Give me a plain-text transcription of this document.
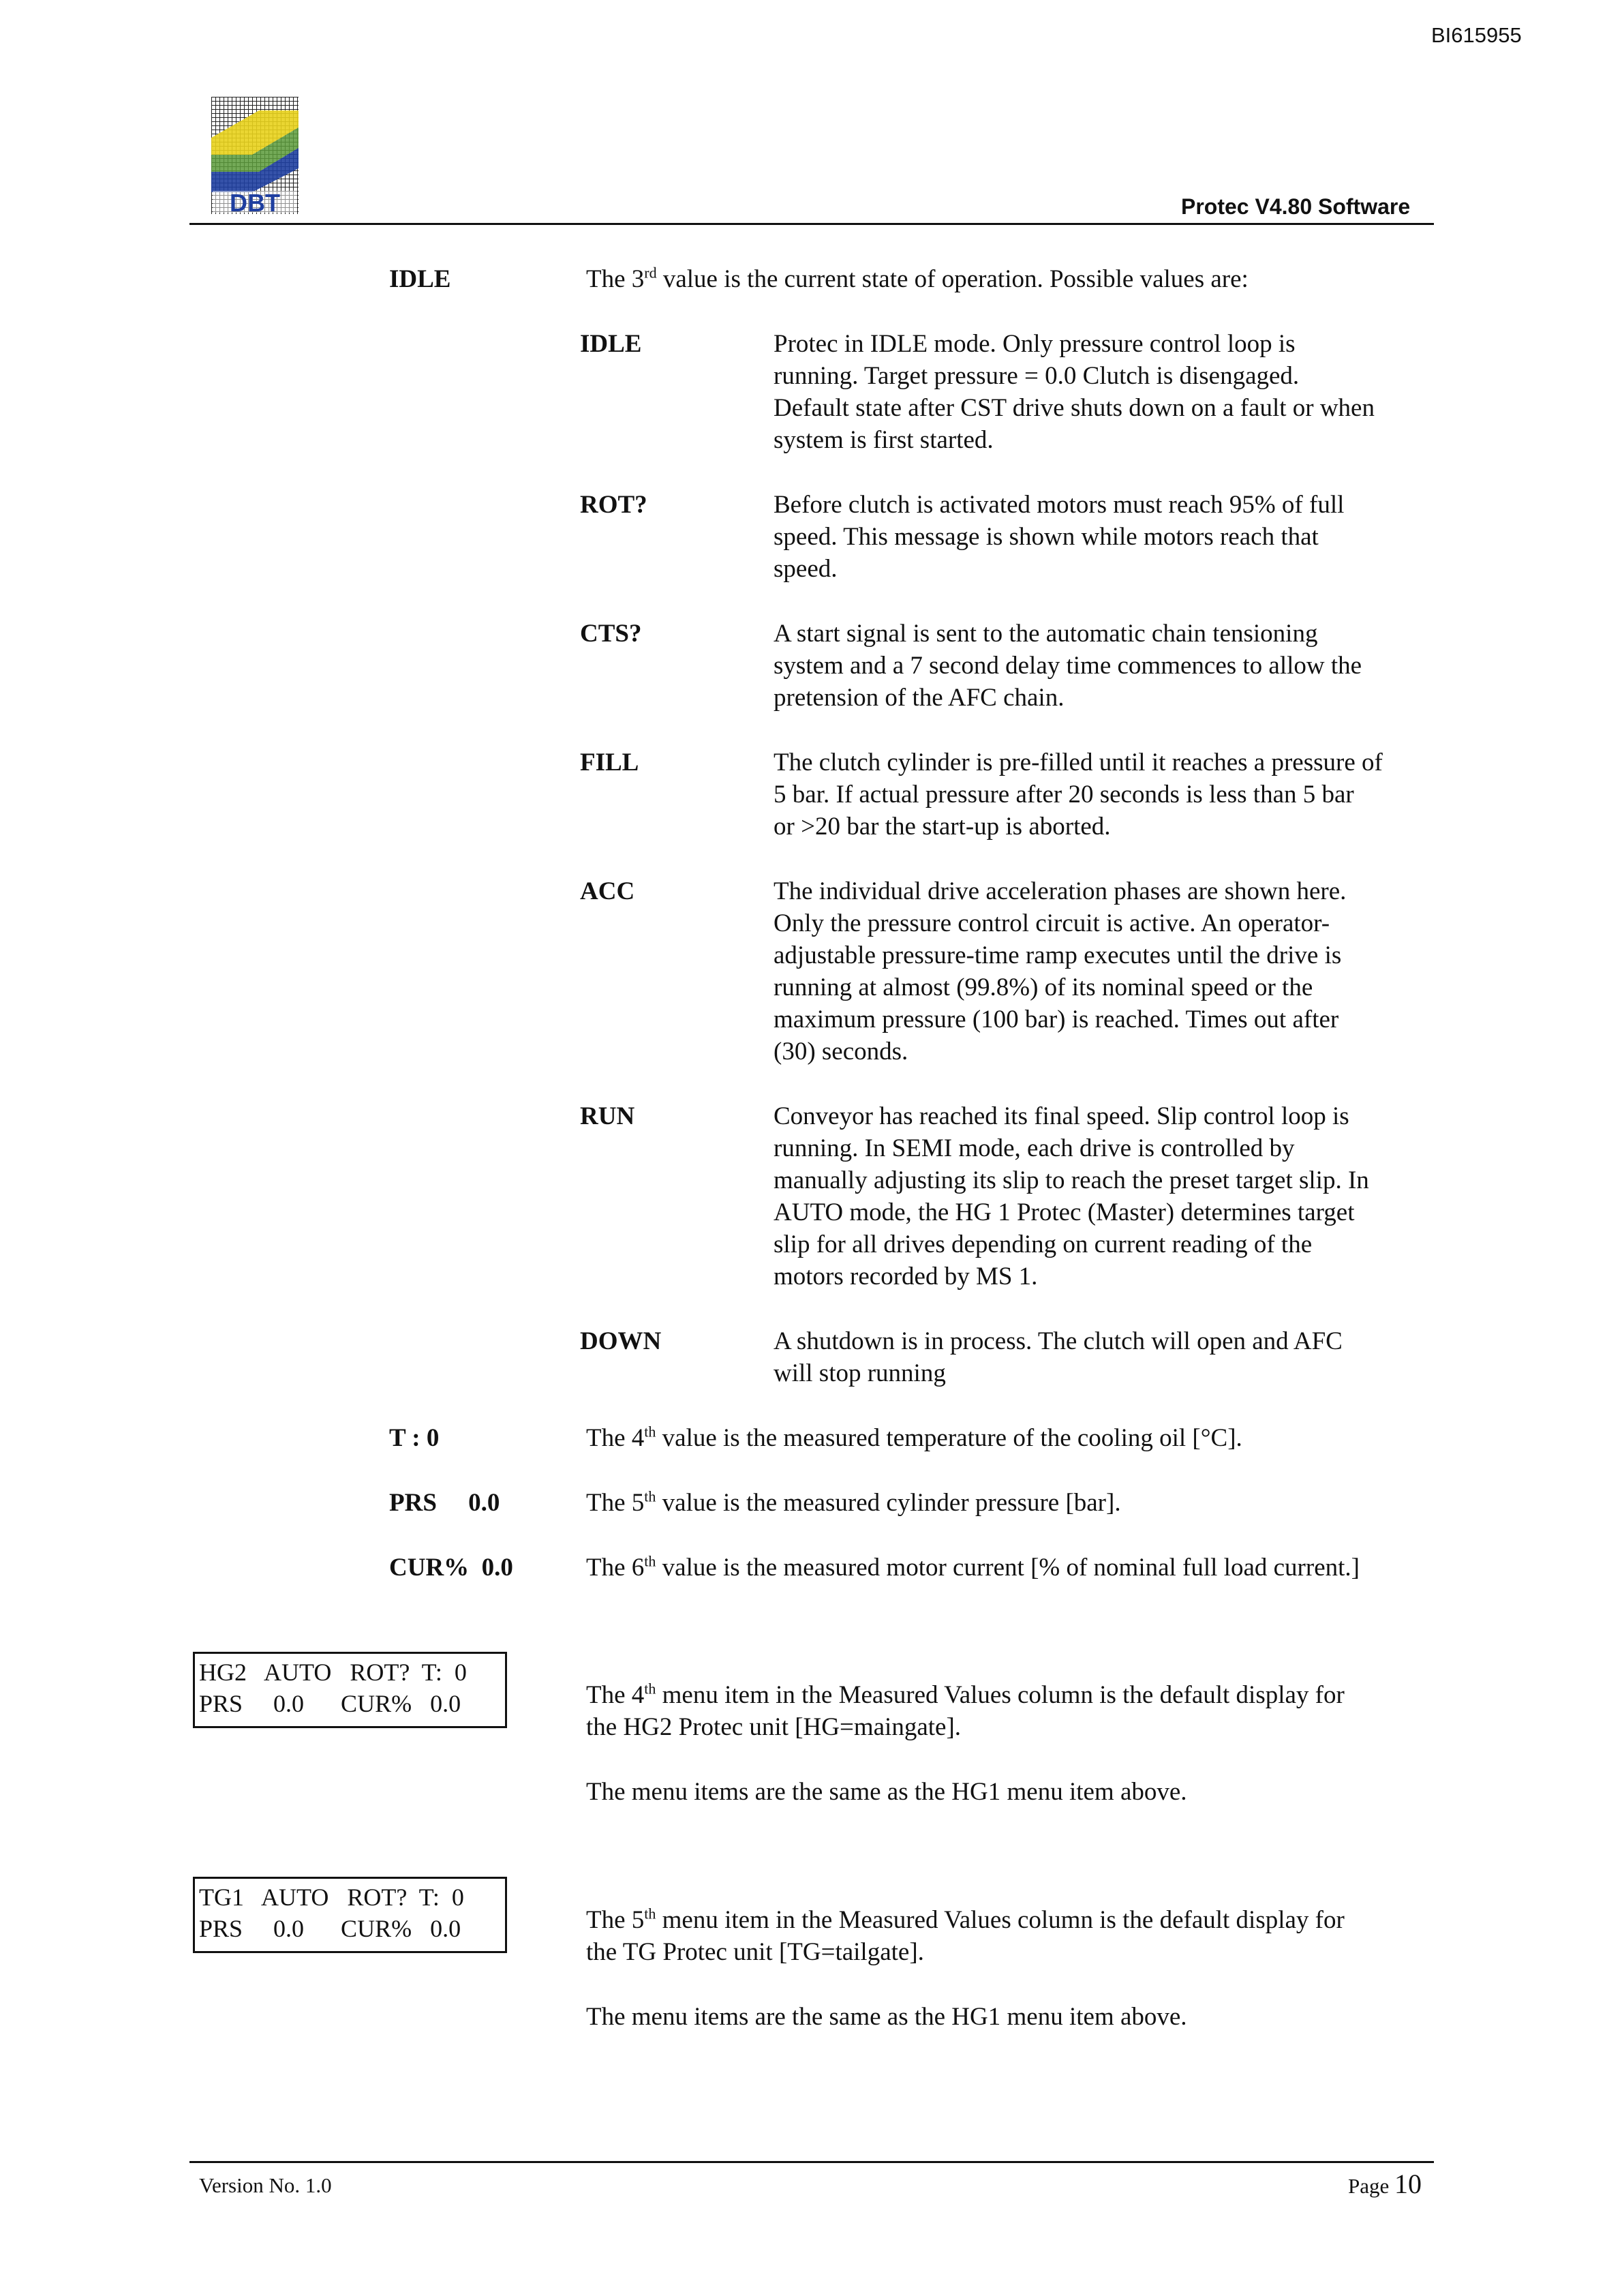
BI615955
DBT	Protec V4.80 Software
IDLE	The 3rd value is the current state of operation. Possible values are:
IDLE	Protec in IDLE mode. Only pressure control loop is
running. Target pressure = 0.0 Clutch is disengaged.
Default state after CST drive shuts down on a fault or when
system is first started.
ROT?	Before clutch is activated motors must reach 95% of full
speed. This message is shown while motors reach that
speed.
CTS?	A start signal is sent to the automatic chain tensioning
system and a 7 second delay time commences to allow the
pretension of the AFC chain.
FILL	The clutch cylinder is pre-filled until it reaches a pressure of
5 bar. If actual pressure after 20 seconds is less than 5 bar
or >20 bar the start-up is aborted.
ACC	The individual drive acceleration phases are shown here.
Only the pressure control circuit is active. An operator-
adjustable pressure-time ramp executes until the drive is
running at almost (99.8%) of its nominal speed or the
maximum pressure (100 bar) is reached. Times out after
(30) seconds.
RUN	Conveyor has reached its final speed. Slip control loop is
running. In SEMI mode, each drive is controlled by
manually adjusting its slip to reach the preset target slip. In
AUTO mode, the HG 1 Protec (Master) determines target
slip for all drives depending on current reading of the
motors recorded by MS 1.
DOWN	A shutdown is in process. The clutch will open and AFC
will stop running
T : 0	The 4th value is the measured temperature of the cooling oil [°C].
PRS     0.0	The 5th value is the measured cylinder pressure [bar].
CUR%  0.0	The 6th value is the measured motor current [% of nominal full load current.]
HG2   AUTO   ROT?  T:  0
PRS     0.0      CUR%   0.0	The 4th menu item in the Measured Values column is the default display for
the HG2 Protec unit [HG=maingate].
The menu items are the same as the HG1 menu item above.
TG1   AUTO   ROT?  T:  0
PRS     0.0      CUR%   0.0	The 5th menu item in the Measured Values column is the default display for
the TG Protec unit [TG=tailgate].
The menu items are the same as the HG1 menu item above.
Version No. 1.0	Page 10
